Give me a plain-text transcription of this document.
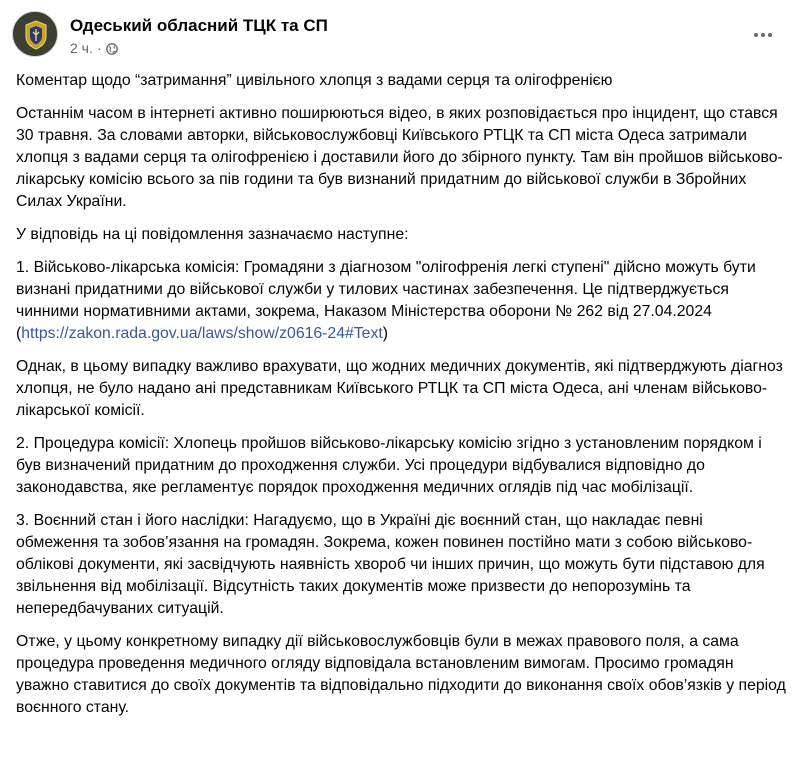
Одеський обласний ТЦК та СП
2 ч. ·

Коментар щодо “затримання” цивільного хлопця з вадами серця та олігофренією

Останнім часом в інтернеті активно поширюються відео, в яких розповідається про інцидент, що стався 30 травня. За словами авторки, військовослужбовці Київського РТЦК та СП міста Одеса затримали хлопця з вадами серця та олігофренією і доставили його до збірного пункту. Там він пройшов військово-лікарську комісію всього за пів години та був визнаний придатним до військової служби в Збройних Силах України.

У відповідь на ці повідомлення зазначаємо наступне:

1. Військово-лікарська комісія: Громадяни з діагнозом "олігофренія легкі ступені" дійсно можуть бути визнані придатними до військової служби у тилових частинах забезпечення. Це підтверджується чинними нормативними актами, зокрема, Наказом Міністерства оборони № 262 від 27.04.2024 (https://zakon.rada.gov.ua/laws/show/z0616-24#Text)

Однак, в цьому випадку важливо врахувати, що жодних медичних документів, які підтверджують діагноз хлопця, не було надано ані представникам Київського РТЦК та СП міста Одеса, ані членам військово-лікарської комісії.

2. Процедура комісії: Хлопець пройшов військово-лікарську комісію згідно з установленим порядком і був визначений придатним до проходження служби. Усі процедури відбувалися відповідно до законодавства, яке регламентує порядок проходження медичних оглядів під час мобілізації.

3. Воєнний стан і його наслідки: Нагадуємо, що в Україні діє воєнний стан, що накладає певні обмеження та зобов’язання на громадян. Зокрема, кожен повинен постійно мати з собою військово-облікові документи, які засвідчують наявність хвороб чи інших причин, що можуть бути підставою для звільнення від мобілізації. Відсутність таких документів може призвести до непорозумінь та непередбачуваних ситуацій.

Отже, у цьому конкретному випадку дії військовослужбовців були в межах правового поля, а сама процедура проведення медичного огляду відповідала встановленим вимогам. Просимо громадян уважно ставитися до своїх документів та відповідально підходити до виконання своїх обов’язків у період воєнного стану.
